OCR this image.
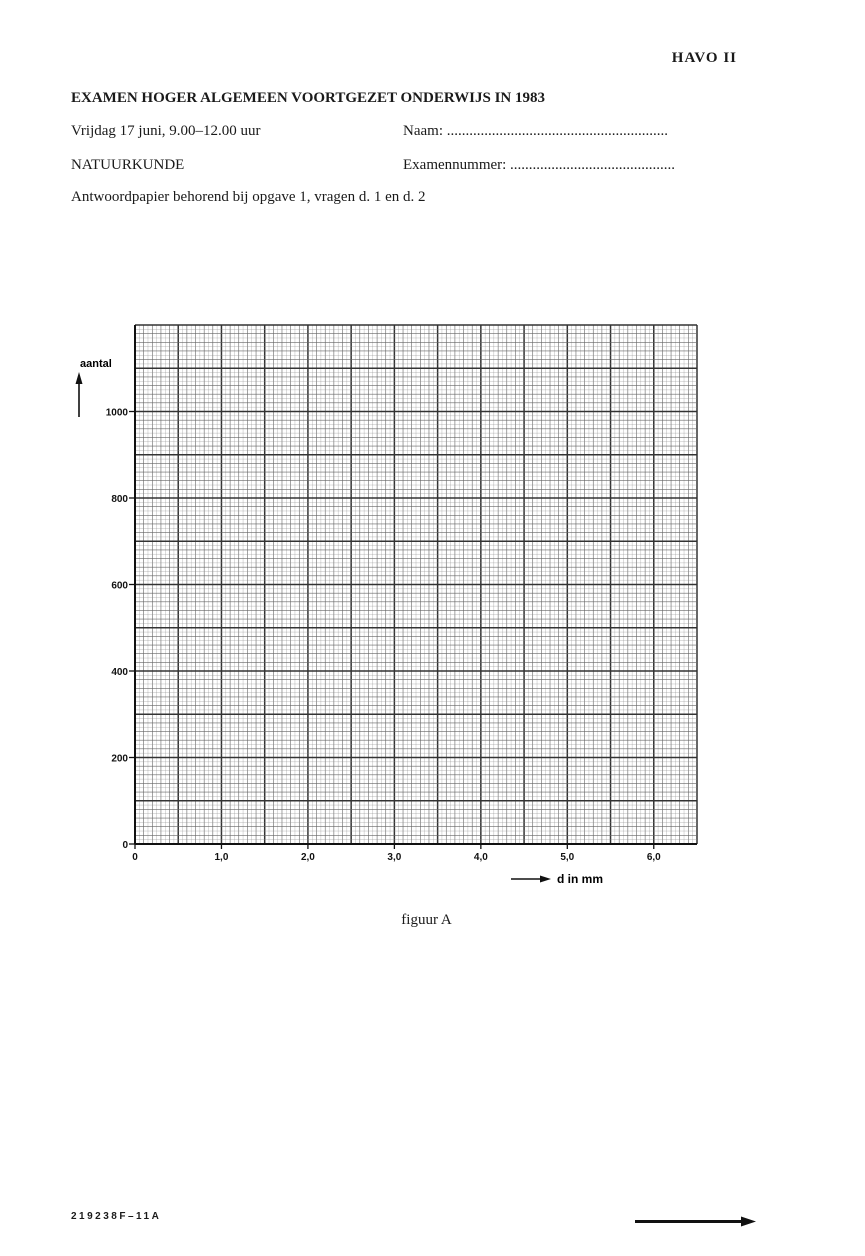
HAVO II
EXAMEN HOGER ALGEMEEN VOORTGEZET ONDERWIJS IN 1983
Vrijdag 17 juni, 9.00–12.00 uur	Naam: ...........................................................
NATUURKUNDE	Examennummer: ............................................
Antwoordpapier behorend bij opgave 1, vragen d. 1 en d. 2
0
200
400
600
800
1000
0	1,0	2,0	3,0	4,0	5,0	6,0
aantal
d in mm
figuur A
219238F–11A
